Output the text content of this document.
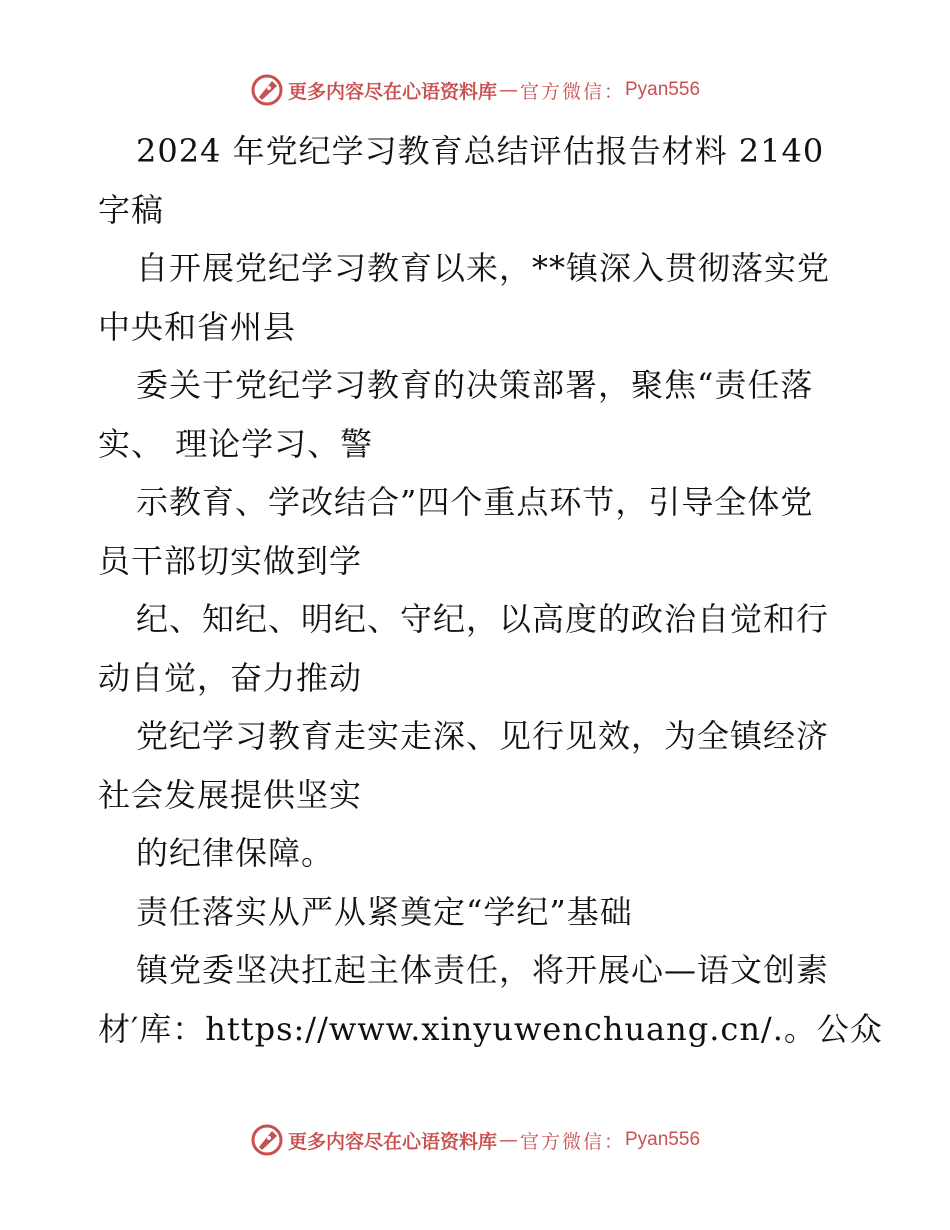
更多内容尽在心语资料库 — 官方微信： Pyan556
2024 年党纪学习教育总结评估报告材料 2140
字稿
自开展党纪学习教育以来，**镇深入贯彻落实党
中央和省州县
委关于党纪学习教育的决策部署，聚焦“责任落
实、 理论学习、警
示教育、学改结合”四个重点环节，引导全体党
员干部切实做到学
纪、知纪、明纪、守纪，以高度的政治自觉和行
动自觉，奋力推动
党纪学习教育走实走深、见行见效，为全镇经济
社会发展提供坚实
的纪律保障。
责任落实从严从紧奠定“学纪”基础
镇党委坚决扛起主体责任，将开展心—语文创素
材′库：https://www.xinyuwenchuang.cn/.。公众
更多内容尽在心语资料库 — 官方微信： Pyan556
